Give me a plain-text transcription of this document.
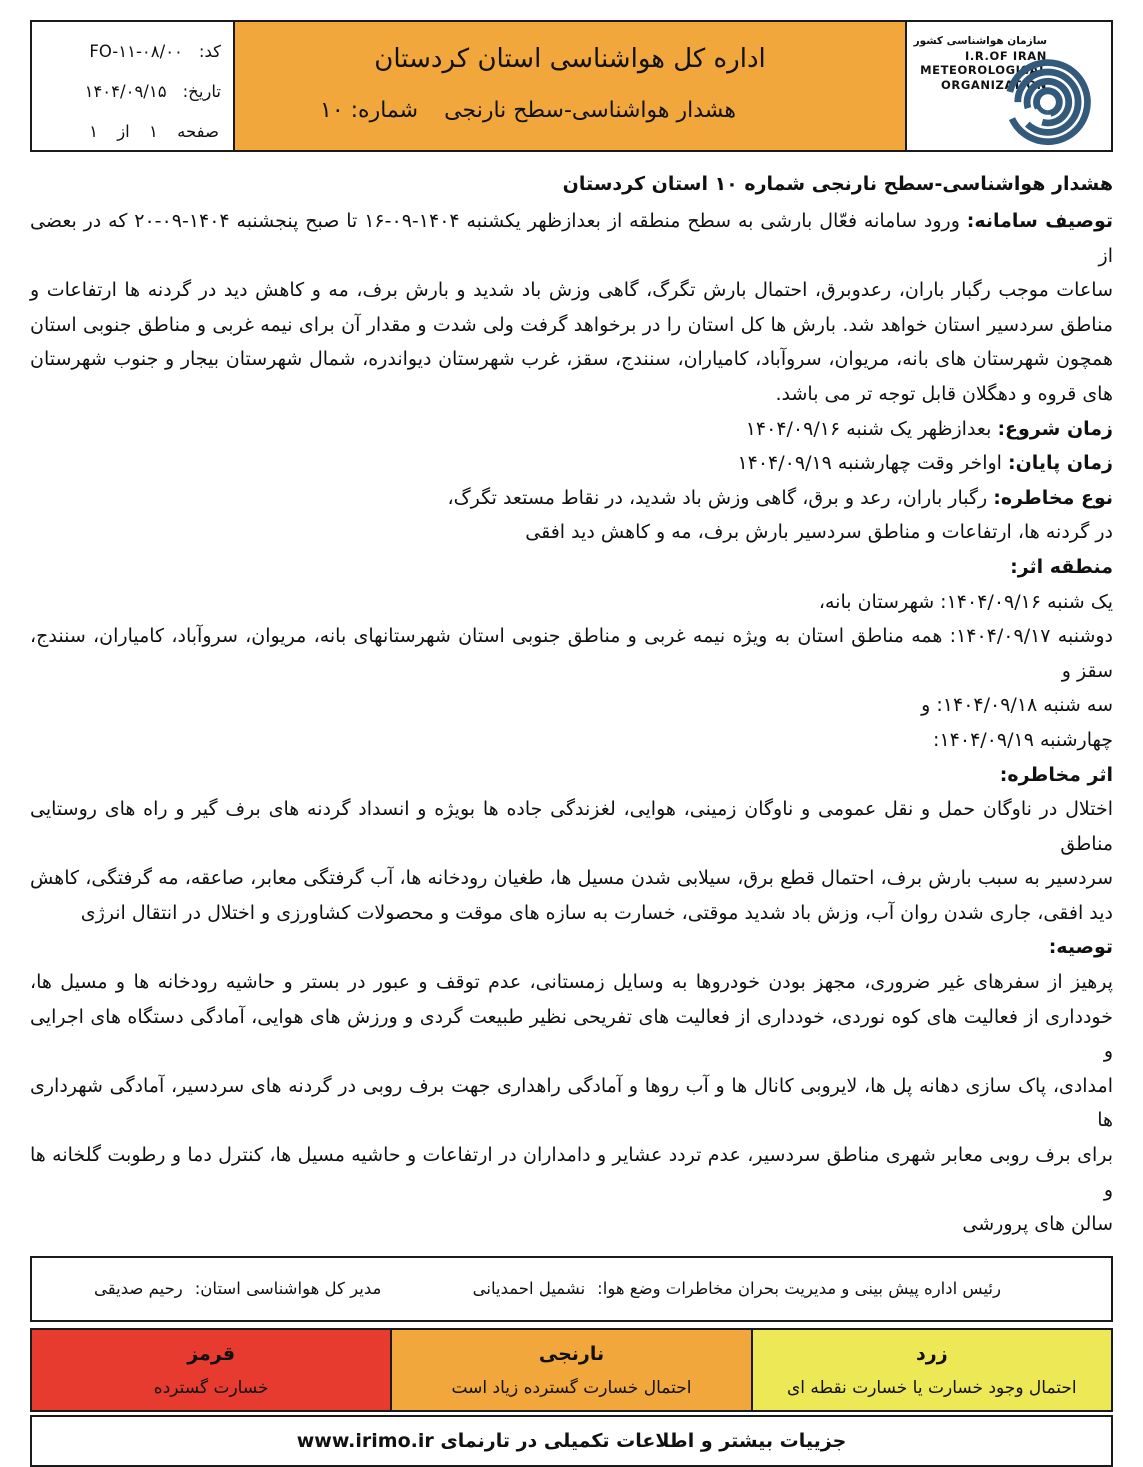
کد:
FO-۱۱-۰۸/۰۰
تاریخ:
۱۴۰۴/۰۹/۱۵
صفحه ۱ از ۱
اداره کل هواشناسی استان کردستان
هشدار هواشناسی-سطح نارنجی
شماره: ۱۰
سازمان هواشناسی کشور
I.R.OF IRAN
METEOROLOGICAL
ORGANIZATION
هشدار هواشناسی-سطح نارنجی شماره ۱۰ استان کردستان
توصیف سامانه: ورود سامانه فعّال بارشی به سطح منطقه از بعدازظهر یکشنبه ۱۴۰۴-۰۹-۱۶ تا صبح پنجشنبه ۱۴۰۴-۰۹-۲۰ که در بعضی از
ساعات موجب رگبار باران، رعدوبرق، احتمال بارش تگرگ، گاهی وزش باد شدید و بارش برف، مه و کاهش دید در گردنه ها ارتفاعات و
مناطق سردسیر استان خواهد شد. بارش ها کل استان را در برخواهد گرفت ولی شدت و مقدار آن برای نیمه غربی و مناطق جنوبی استان
همچون شهرستان های بانه، مریوان، سروآباد، کامیاران، سنندج، سقز، غرب شهرستان دیواندره، شمال شهرستان بیجار و جنوب شهرستان
های قروه و دهگلان قابل توجه تر می باشد.
زمان شروع: بعدازظهر یک شنبه ۱۴۰۴/۰۹/۱۶
زمان پایان: اواخر وقت چهارشنبه ۱۴۰۴/۰۹/۱۹
نوع مخاطره: رگبار باران، رعد و برق، گاهی وزش باد شدید، در نقاط مستعد تگرگ،
در گردنه ها، ارتفاعات و مناطق سردسیر بارش برف، مه و کاهش دید افقی
منطقه اثر:
یک شنبه ۱۴۰۴/۰۹/۱۶: شهرستان بانه،
دوشنبه ۱۴۰۴/۰۹/۱۷: همه مناطق استان به ویژه نیمه غربی و مناطق جنوبی استان شهرستانهای بانه، مریوان، سروآباد، کامیاران، سنندج،
سقز و
سه شنبه ۱۴۰۴/۰۹/۱۸: و
چهارشنبه ۱۴۰۴/۰۹/۱۹:
اثر مخاطره:
اختلال در ناوگان حمل و نقل عمومی و ناوگان زمینی، هوایی، لغزندگی جاده ها بویژه و انسداد گردنه های برف گیر و راه های روستایی مناطق
سردسیر به سبب بارش برف، احتمال قطع برق، سیلابی شدن مسیل ها، طغیان رودخانه ها، آب گرفتگی معابر، صاعقه، مه گرفتگی، کاهش
دید افقی، جاری شدن روان آب، وزش باد شدید موقتی، خسارت به سازه های موقت و محصولات کشاورزی و اختلال در انتقال انرژی
توصیه:
پرهیز از سفرهای غیر ضروری، مجهز بودن خودروها به وسایل زمستانی، عدم توقف و عبور در بستر و حاشیه رودخانه ها و مسیل ها،
خودداری از فعالیت های کوه نوردی، خودداری از فعالیت های تفریحی نظیر طبیعت گردی و ورزش های هوایی، آمادگی دستگاه های اجرایی و
امدادی، پاک سازی دهانه پل ها، لایروبی کانال ها و آب روها و آمادگی راهداری جهت برف روبی در گردنه های سردسیر، آمادگی شهرداری ها
برای برف روبی معابر شهری مناطق سردسیر، عدم تردد عشایر و دامداران در ارتفاعات و حاشیه مسیل ها، کنترل دما و رطوبت گلخانه ها و
سالن های پرورشی
رئیس اداره پیش بینی و مدیریت بحران مخاطرات وضع هوا:نشمیل احمدیانی
مدیر کل هواشناسی استان:رحیم صدیقی
قرمز
خسارت گسترده
نارنجی
احتمال خسارت گسترده زیاد است
زرد
احتمال وجود خسارت یا خسارت نقطه ای
جزییات بیشتر و اطلاعات تکمیلی در تارنمای www.irimo.ir
